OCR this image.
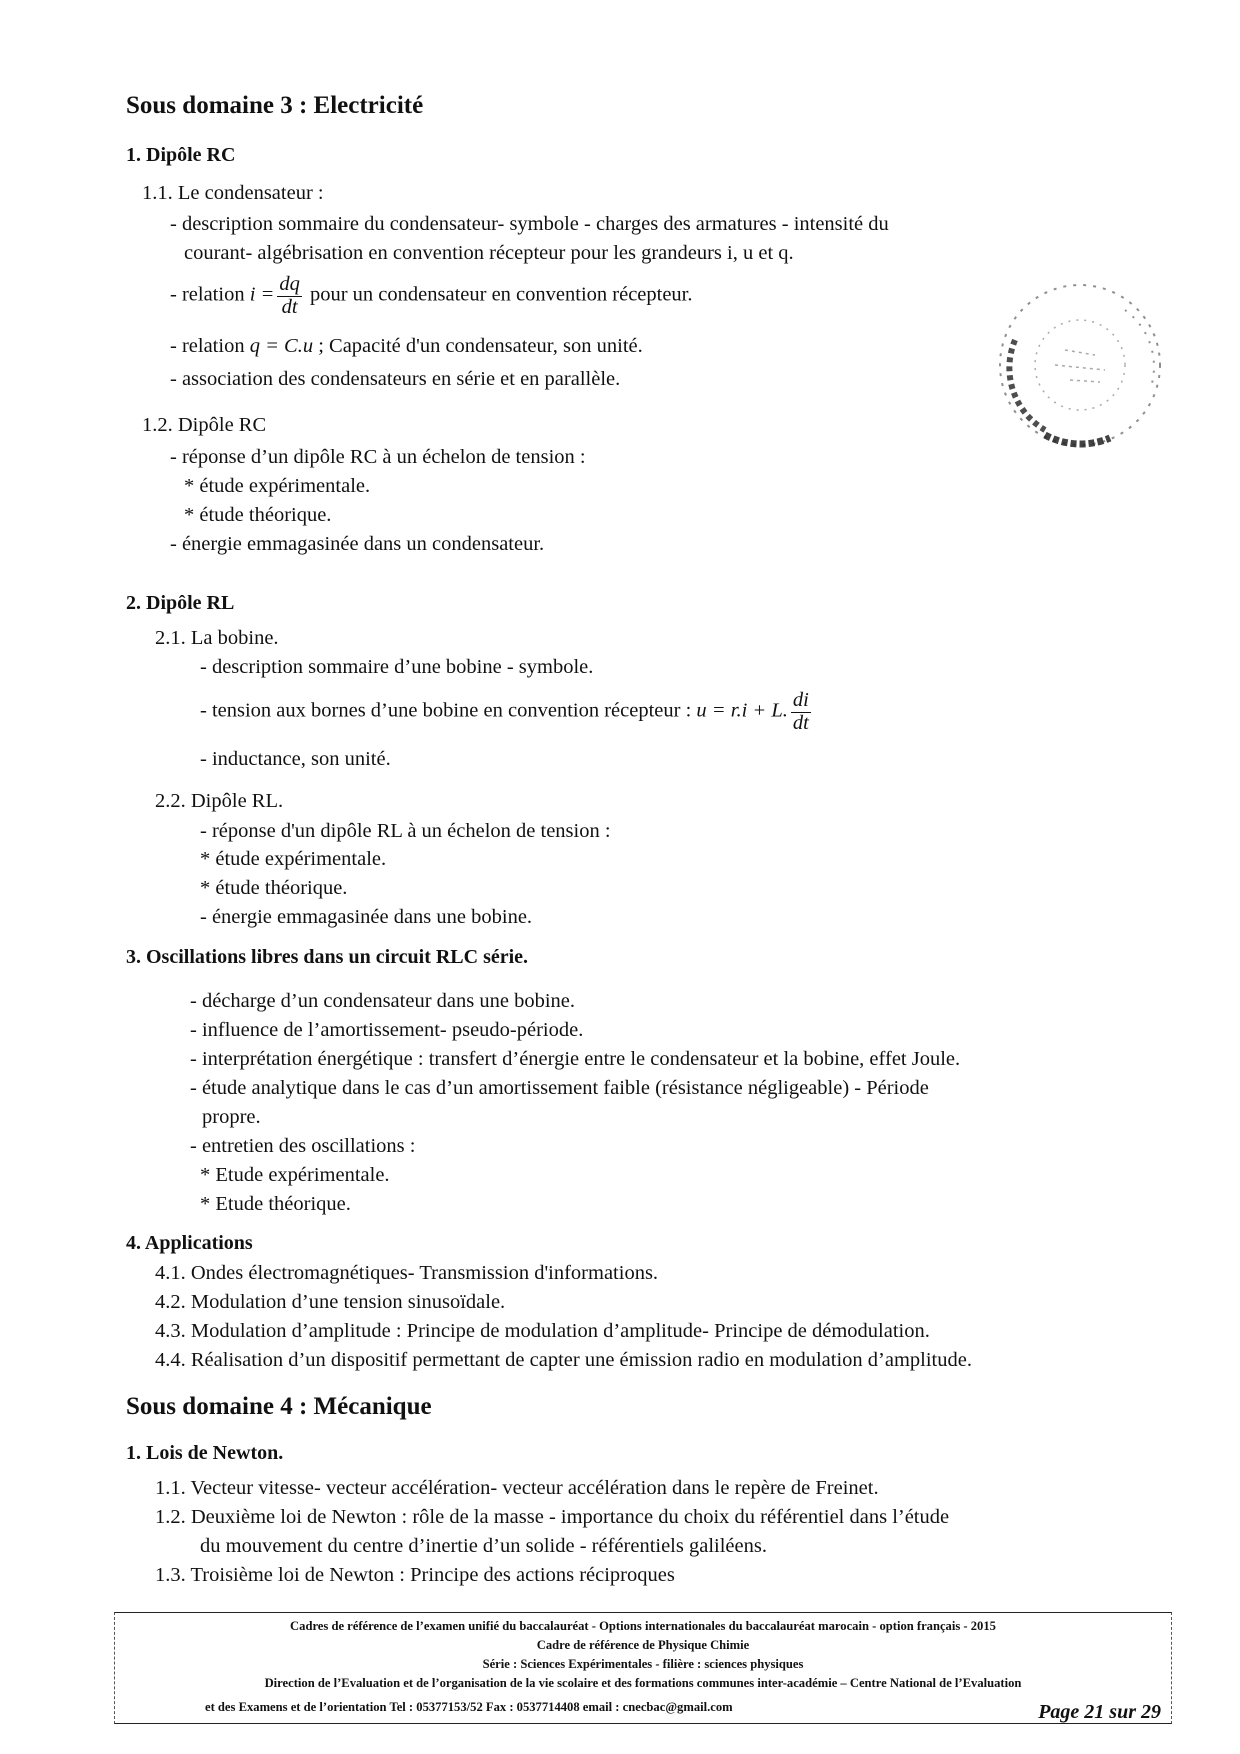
Sous domaine 3 : Electricité
1. Dipôle RC
1.1. Le condensateur :
- description sommaire du condensateur- symbole - charges des armatures - intensité du
courant- algébrisation en convention récepteur pour les grandeurs i, u et q.
- relation $i = \frac{dq}{dt}$ pour un condensateur en convention récepteur.
- relation q = C.u ; Capacité d'un condensateur, son unité.
- association des condensateurs en série et en parallèle.
1.2. Dipôle RC
- réponse d’un dipôle RC à un échelon de tension :
* étude expérimentale.
* étude théorique.
- énergie emmagasinée dans un condensateur.
2. Dipôle RL
2.1. La bobine.
- description sommaire d’une bobine - symbole.
- tension aux bornes d’une bobine en convention récepteur : u = r.i + L. $\frac{di}{dt}$
- inductance, son unité.
2.2. Dipôle RL.
- réponse d'un dipôle RL à un échelon de tension :
* étude expérimentale.
* étude théorique.
- énergie emmagasinée dans une bobine.
3. Oscillations libres dans un circuit RLC série.
- décharge d’un condensateur dans une bobine.
- influence de l’amortissement- pseudo-période.
- interprétation énergétique : transfert d’énergie entre le condensateur et la bobine, effet Joule.
- étude analytique dans le cas d’un amortissement faible (résistance négligeable) - Période
propre.
- entretien des oscillations :
* Etude expérimentale.
* Etude théorique.
4. Applications
4.1. Ondes électromagnétiques- Transmission d'informations.
4.2. Modulation d’une tension sinusoïdale.
4.3. Modulation d’amplitude : Principe de modulation d’amplitude- Principe de démodulation.
4.4. Réalisation d’un dispositif permettant de capter une émission radio en modulation d’amplitude.
Sous domaine 4 : Mécanique
1. Lois de Newton.
1.1. Vecteur vitesse- vecteur accélération- vecteur accélération dans le repère de Freinet.
1.2. Deuxième loi de Newton : rôle de la masse - importance du choix du référentiel dans l’étude
du mouvement du centre d’inertie d’un solide - référentiels galiléens.
1.3. Troisième loi de Newton : Principe des actions réciproques
Cadres de référence de l’examen unifié du baccalauréat - Options internationales du baccalauréat marocain - option français - 2015
Cadre de référence de Physique Chimie
Série : Sciences Expérimentales - filière : sciences physiques
Direction de l’Evaluation et de l’organisation de la vie scolaire et des formations communes inter-académie – Centre National de l’Evaluation
et des Examens et de l’orientation Tel : 05377153/52 Fax : 0537714408 email : cnecbac@gmail.com	Page 21 sur 29
